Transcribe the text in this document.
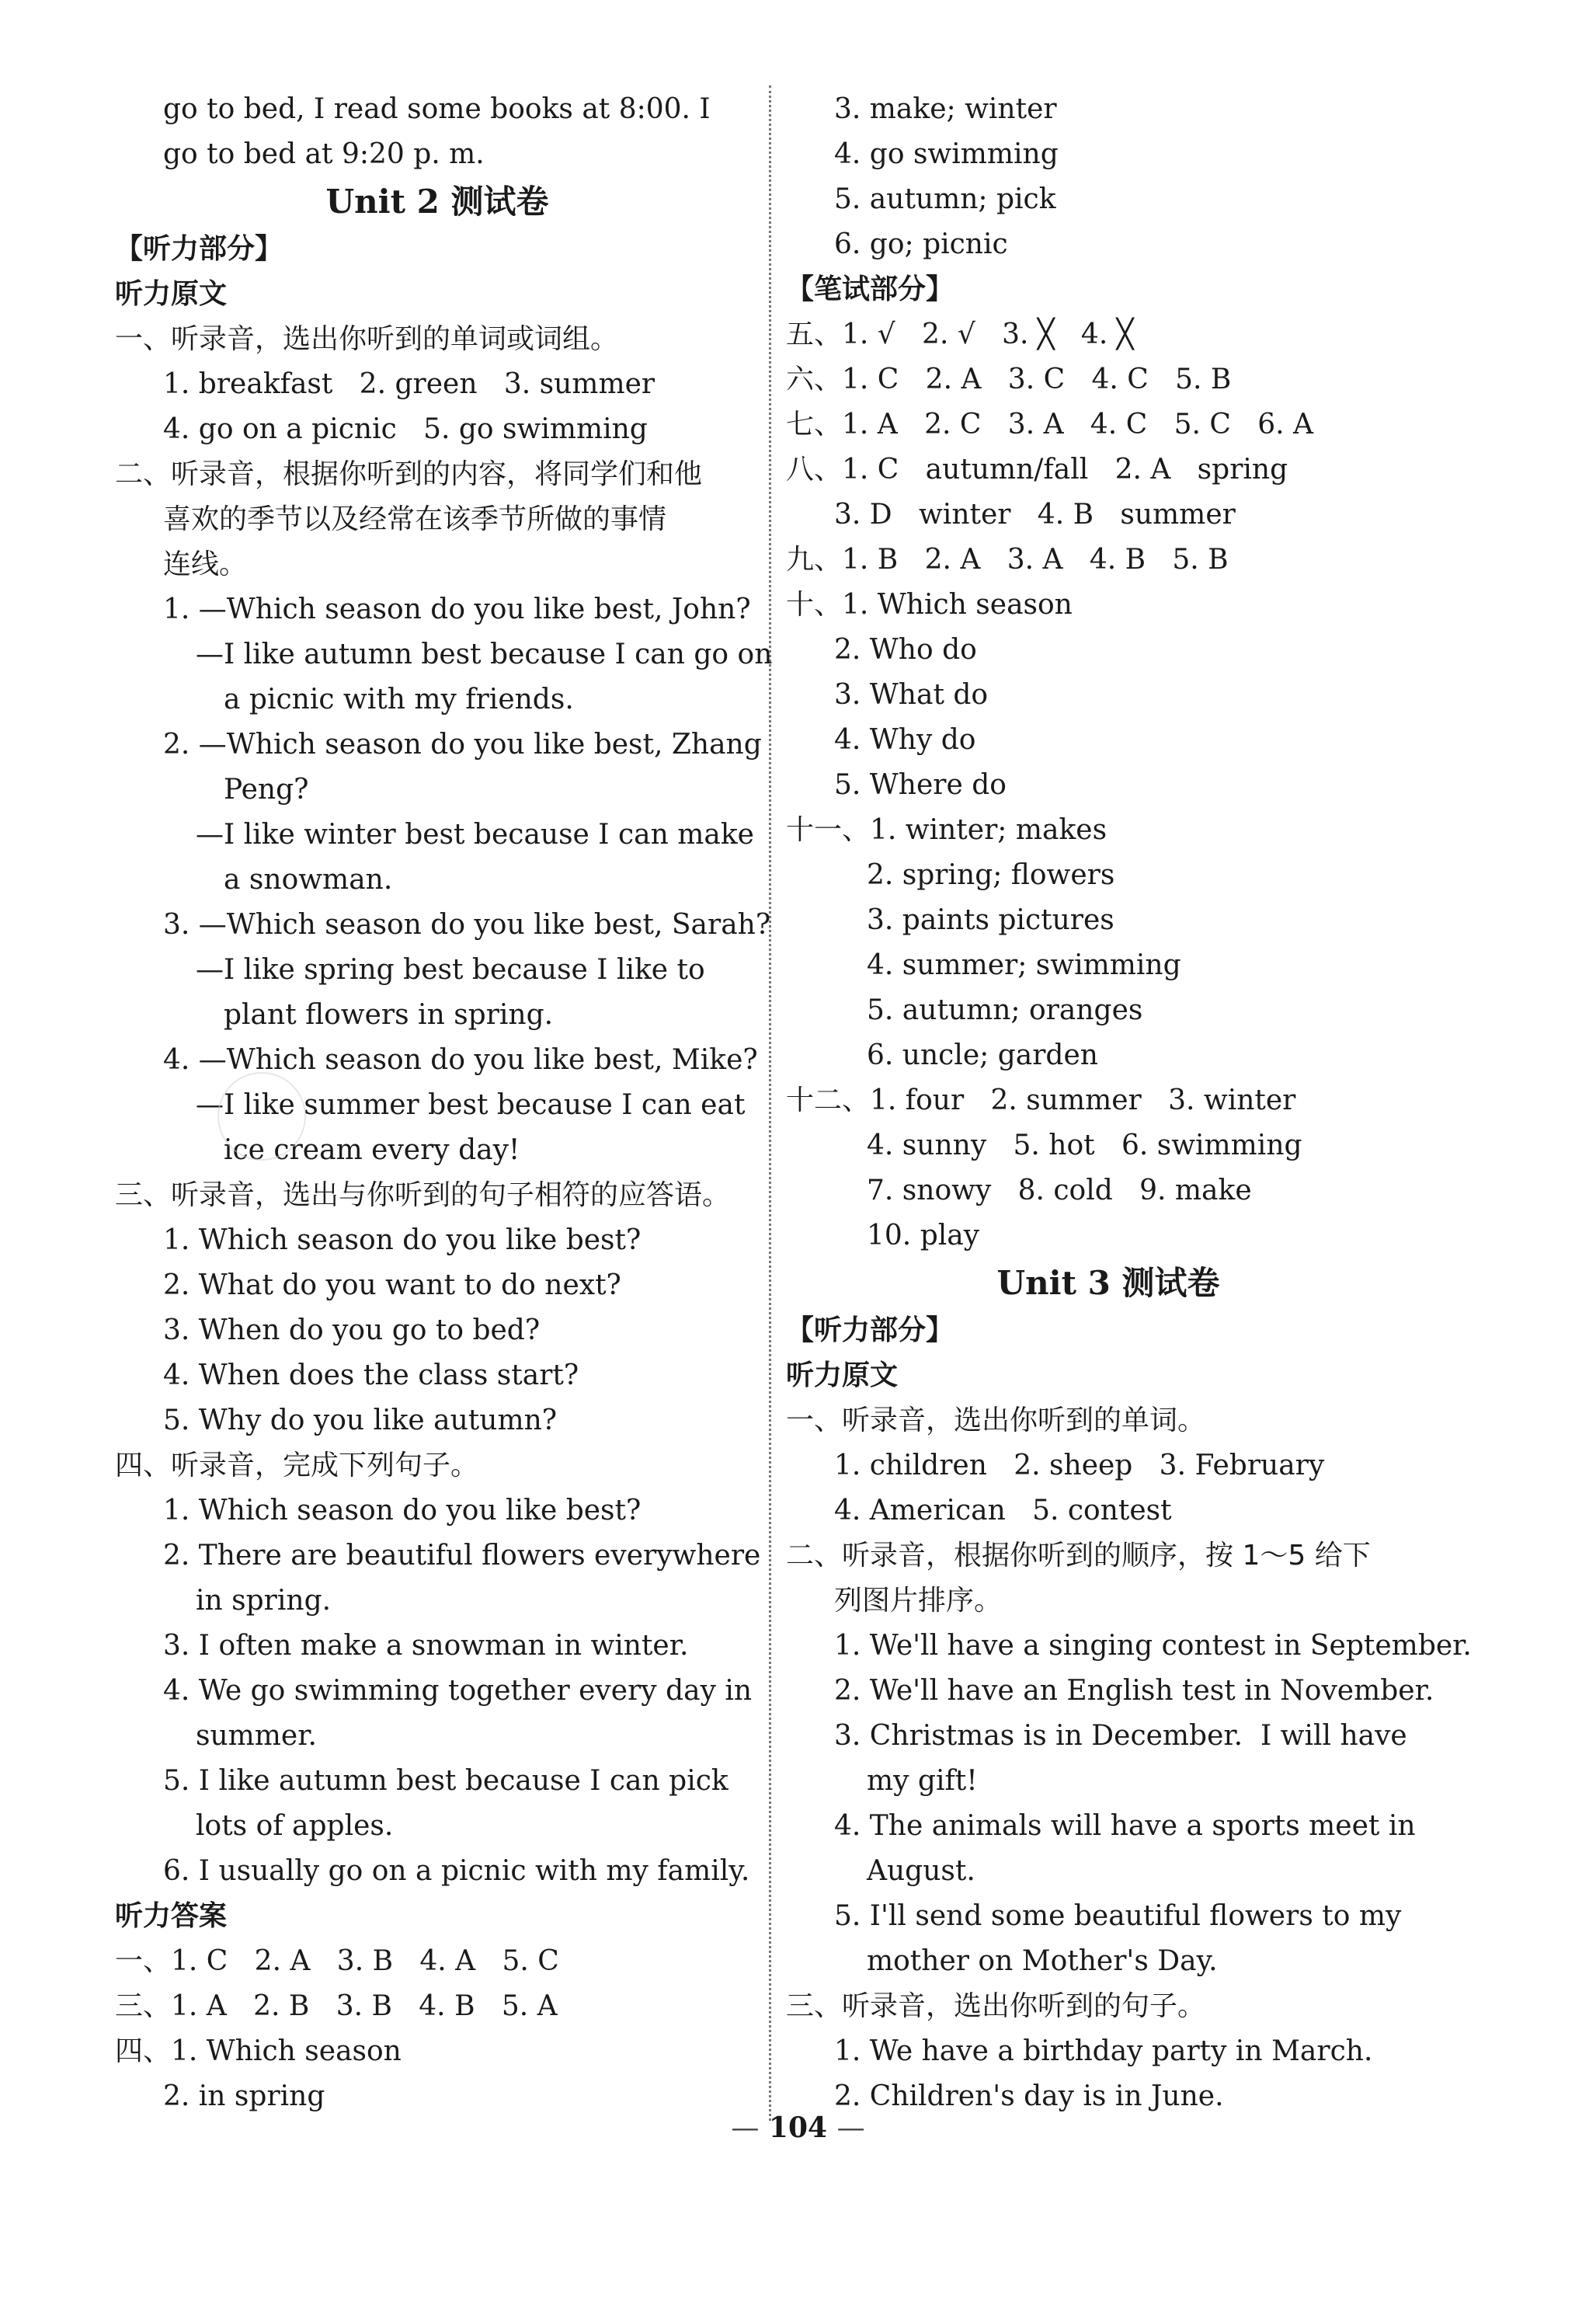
go to bed, I read some books at 8:00. I
go to bed at 9:20 p. m.
Unit 2 测试卷
【听力部分】
听力原文
一、听录音，选出你听到的单词或词组。
1. breakfast   2. green   3. summer
4. go on a picnic   5. go swimming
二、听录音，根据你听到的内容，将同学们和他
喜欢的季节以及经常在该季节所做的事情
连线。
1. —Which season do you like best, John?
—I like autumn best because I can go on
a picnic with my friends.
2. —Which season do you like best, Zhang
Peng?
—I like winter best because I can make
a snowman.
3. —Which season do you like best, Sarah?
—I like spring best because I like to
plant flowers in spring.
4. —Which season do you like best, Mike?
—I like summer best because I can eat
ice cream every day!
三、听录音，选出与你听到的句子相符的应答语。
1. Which season do you like best?
2. What do you want to do next?
3. When do you go to bed?
4. When does the class start?
5. Why do you like autumn?
四、听录音，完成下列句子。
1. Which season do you like best?
2. There are beautiful flowers everywhere
in spring.
3. I often make a snowman in winter.
4. We go swimming together every day in
summer.
5. I like autumn best because I can pick
lots of apples.
6. I usually go on a picnic with my family.
听力答案
一、1. C   2. A   3. B   4. A   5. C
三、1. A   2. B   3. B   4. B   5. A
四、1. Which season
2. in spring
3. make; winter
4. go swimming
5. autumn; pick
6. go; picnic
【笔试部分】
五、1. √   2. √   3. ╳   4. ╳
六、1. C   2. A   3. C   4. C   5. B
七、1. A   2. C   3. A   4. C   5. C   6. A
八、1. C   autumn/fall   2. A   spring
3. D   winter   4. B   summer
九、1. B   2. A   3. A   4. B   5. B
十、1. Which season
2. Who do
3. What do
4. Why do
5. Where do
十一、1. winter; makes
2. spring; flowers
3. paints pictures
4. summer; swimming
5. autumn; oranges
6. uncle; garden
十二、1. four   2. summer   3. winter
4. sunny   5. hot   6. swimming
7. snowy   8. cold   9. make
10. play
Unit 3 测试卷
【听力部分】
听力原文
一、听录音，选出你听到的单词。
1. children   2. sheep   3. February
4. American   5. contest
二、听录音，根据你听到的顺序，按 1～5 给下
列图片排序。
1. We'll have a singing contest in September.
2. We'll have an English test in November.
3. Christmas is in December.  I will have
my gift!
4. The animals will have a sports meet in
August.
5. I'll send some beautiful flowers to my
mother on Mother's Day.
三、听录音，选出你听到的句子。
1. We have a birthday party in March.
2. Children's day is in June.
— 104 —
